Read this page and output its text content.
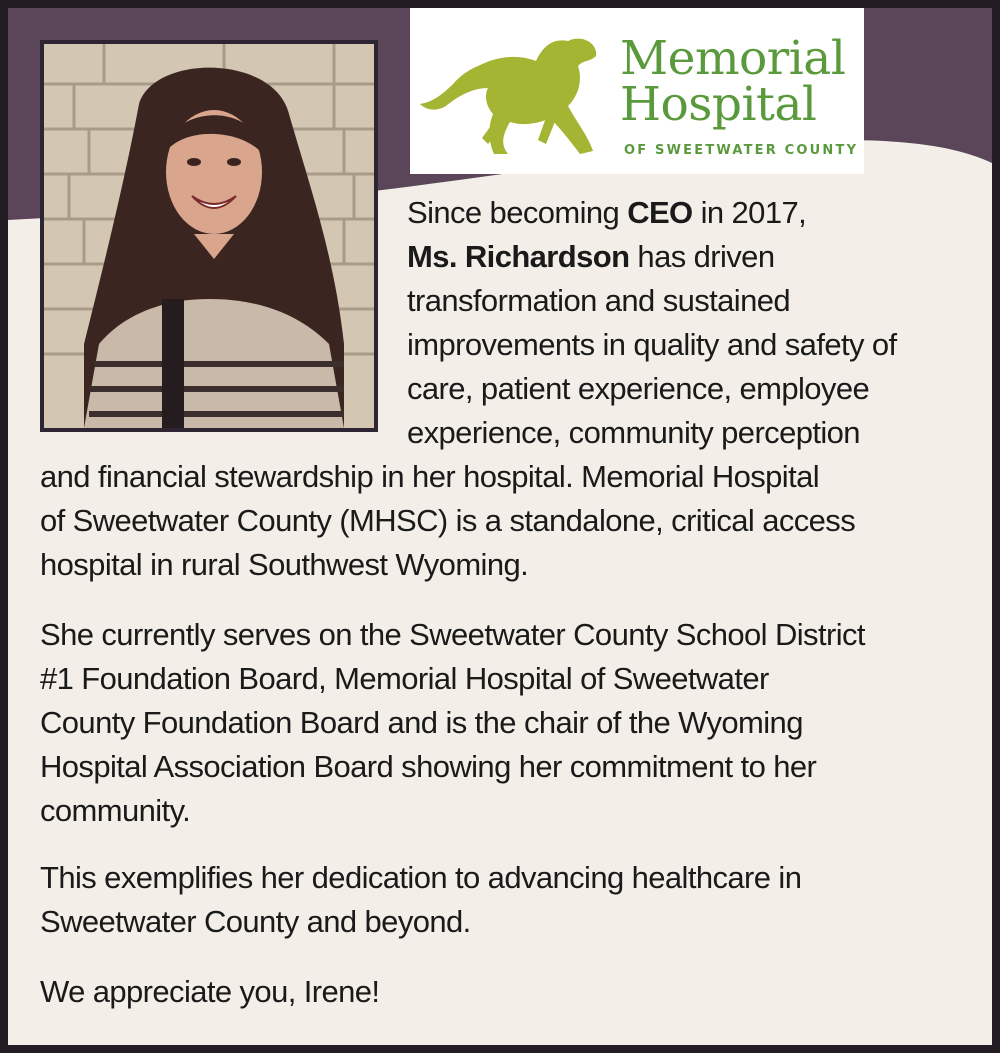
Memorial
Hospital
OF SWEETWATER COUNTY
Since becoming CEO in 2017,
Ms. Richardson has driven
transformation and sustained
improvements in quality and safety of
care, patient experience, employee
experience, community perception
and financial stewardship in her hospital. Memorial Hospital
of Sweetwater County (MHSC) is a standalone, critical access
hospital in rural Southwest Wyoming.
She currently serves on the Sweetwater County School District
#1 Foundation Board, Memorial Hospital of Sweetwater
County Foundation Board and is the chair of the Wyoming
Hospital Association Board showing her commitment to her
community.
This exemplifies her dedication to advancing healthcare in
Sweetwater County and beyond.
We appreciate you, Irene!
